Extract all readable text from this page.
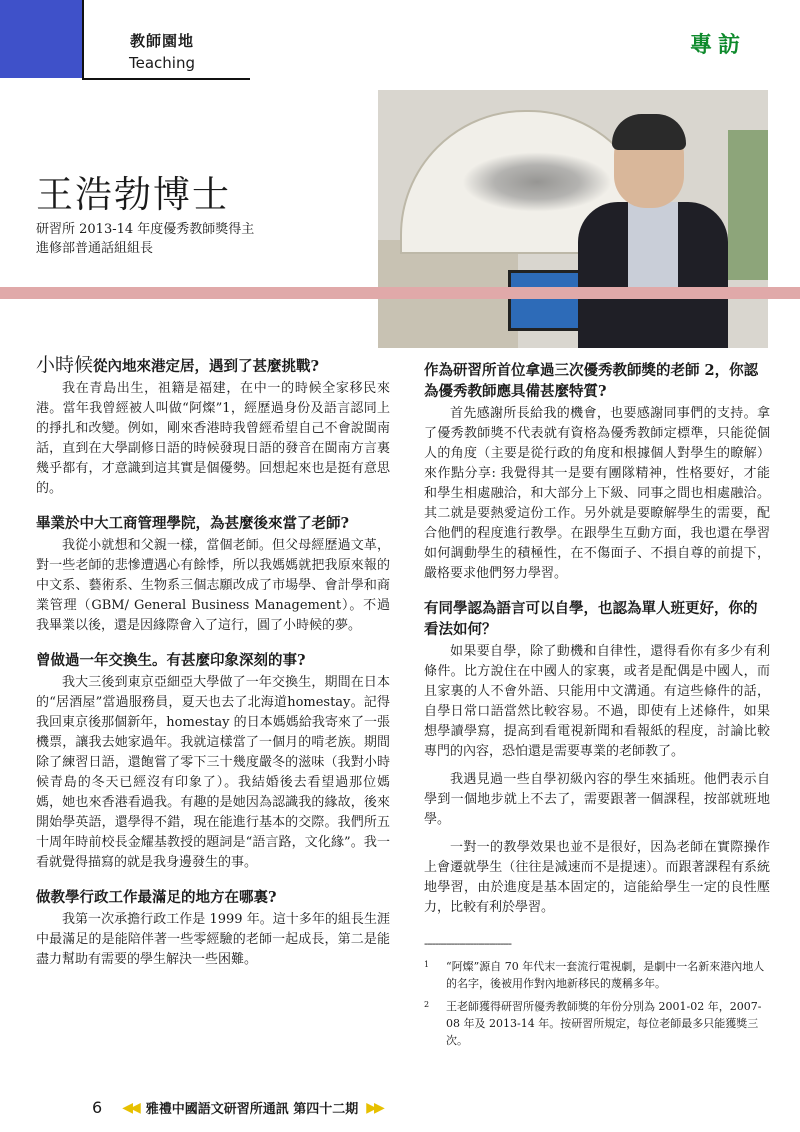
教師園地
Teaching
專訪
王浩勃博士
研習所 2013-14 年度優秀教師獎得主
進修部普通話組組長
小時候從內地來港定居，遇到了甚麼挑戰?

我在青島出生，祖籍是福建，在中一的時候全家移民來港。當年我曾經被人叫做“阿燦”1，經歷過身份及語言認同上的掙扎和改變。例如，剛來香港時我曾經希望自己不會說閩南話，直到在大學副修日語的時候發現日語的發音在閩南方言裏幾乎都有，才意識到這其實是個優勢。回想起來也是挺有意思的。

畢業於中大工商管理學院，為甚麼後來當了老師?

我從小就想和父親一樣，當個老師。但父母經歷過文革，對一些老師的悲慘遭遇心有餘悸，所以我媽媽就把我原來報的中文系、藝術系、生物系三個志願改成了市場學、會計學和商業管理（GBM/ General Business Management）。不過我畢業以後，還是因緣際會入了這行，圓了小時候的夢。

曾做過一年交換生。有甚麼印象深刻的事?

我大三後到東京亞細亞大學做了一年交換生，期間在日本的“居酒屋”當過服務員，夏天也去了北海道homestay。記得我回東京後那個新年，homestay 的日本媽媽給我寄來了一張機票，讓我去她家過年。我就這樣當了一個月的啃老族。期間除了練習日語，還飽嘗了零下三十幾度嚴冬的滋味（我對小時候青島的冬天已經沒有印象了）。我結婚後去看望過那位媽媽，她也來香港看過我。有趣的是她因為認識我的緣故，後來開始學英語，還學得不錯，現在能進行基本的交際。我們所五十周年時前校長金耀基教授的題詞是“語言路，文化緣”。我一看就覺得描寫的就是我身邊發生的事。

做教學行政工作最滿足的地方在哪裏?

我第一次承擔行政工作是 1999 年。這十多年的組長生涯中最滿足的是能陪伴著一些零經驗的老師一起成長，第二是能盡力幫助有需要的學生解決一些困難。

作為研習所首位拿過三次優秀教師獎的老師 2，你認為優秀教師應具備甚麼特質?

首先感謝所長給我的機會，也要感謝同事們的支持。拿了優秀教師獎不代表就有資格為優秀教師定標準，只能從個人的角度（主要是從行政的角度和根據個人對學生的瞭解）來作點分享: 我覺得其一是要有團隊精神，性格要好，才能和學生相處融洽，和大部分上下級、同事之間也相處融洽。其二就是要熱愛這份工作。另外就是要瞭解學生的需要，配合他們的程度進行教學。在跟學生互動方面，我也還在學習如何調動學生的積極性，在不傷面子、不損自尊的前提下，嚴格要求他們努力學習。

有同學認為語言可以自學，也認為單人班更好，你的看法如何？

如果要自學，除了動機和自律性，還得看你有多少有利條件。比方說住在中國人的家裏，或者是配偶是中國人，而且家裏的人不會外語、只能用中文溝通。有這些條件的話，自學日常口語當然比較容易。不過，即使有上述條件，如果想學讀學寫，提高到看電視新聞和看報紙的程度，討論比較專門的內容，恐怕還是需要專業的老師教了。

我遇見過一些自學初級內容的學生來插班。他們表示自學到一個地步就上不去了，需要跟著一個課程，按部就班地學。

一對一的教學效果也並不是很好，因為老師在實際操作上會遷就學生（往往是減速而不是提速）。而跟著課程有系統地學習，由於進度是基本固定的，這能給學生一定的良性壓力，比較有利於學習。

--------------------------------
1 “阿燦”源自 70 年代末一套流行電視劇，是劇中一名新來港內地人的名字，後被用作對內地新移民的蔑稱多年。
2 王老師獲得研習所優秀教師獎的年份分別為 2001-02 年，2007-08 年及 2013-14 年。按研習所規定，每位老師最多只能獲獎三次。
6 ◀◀ 雅禮中國語文研習所通訊 第四十二期 ▶▶
